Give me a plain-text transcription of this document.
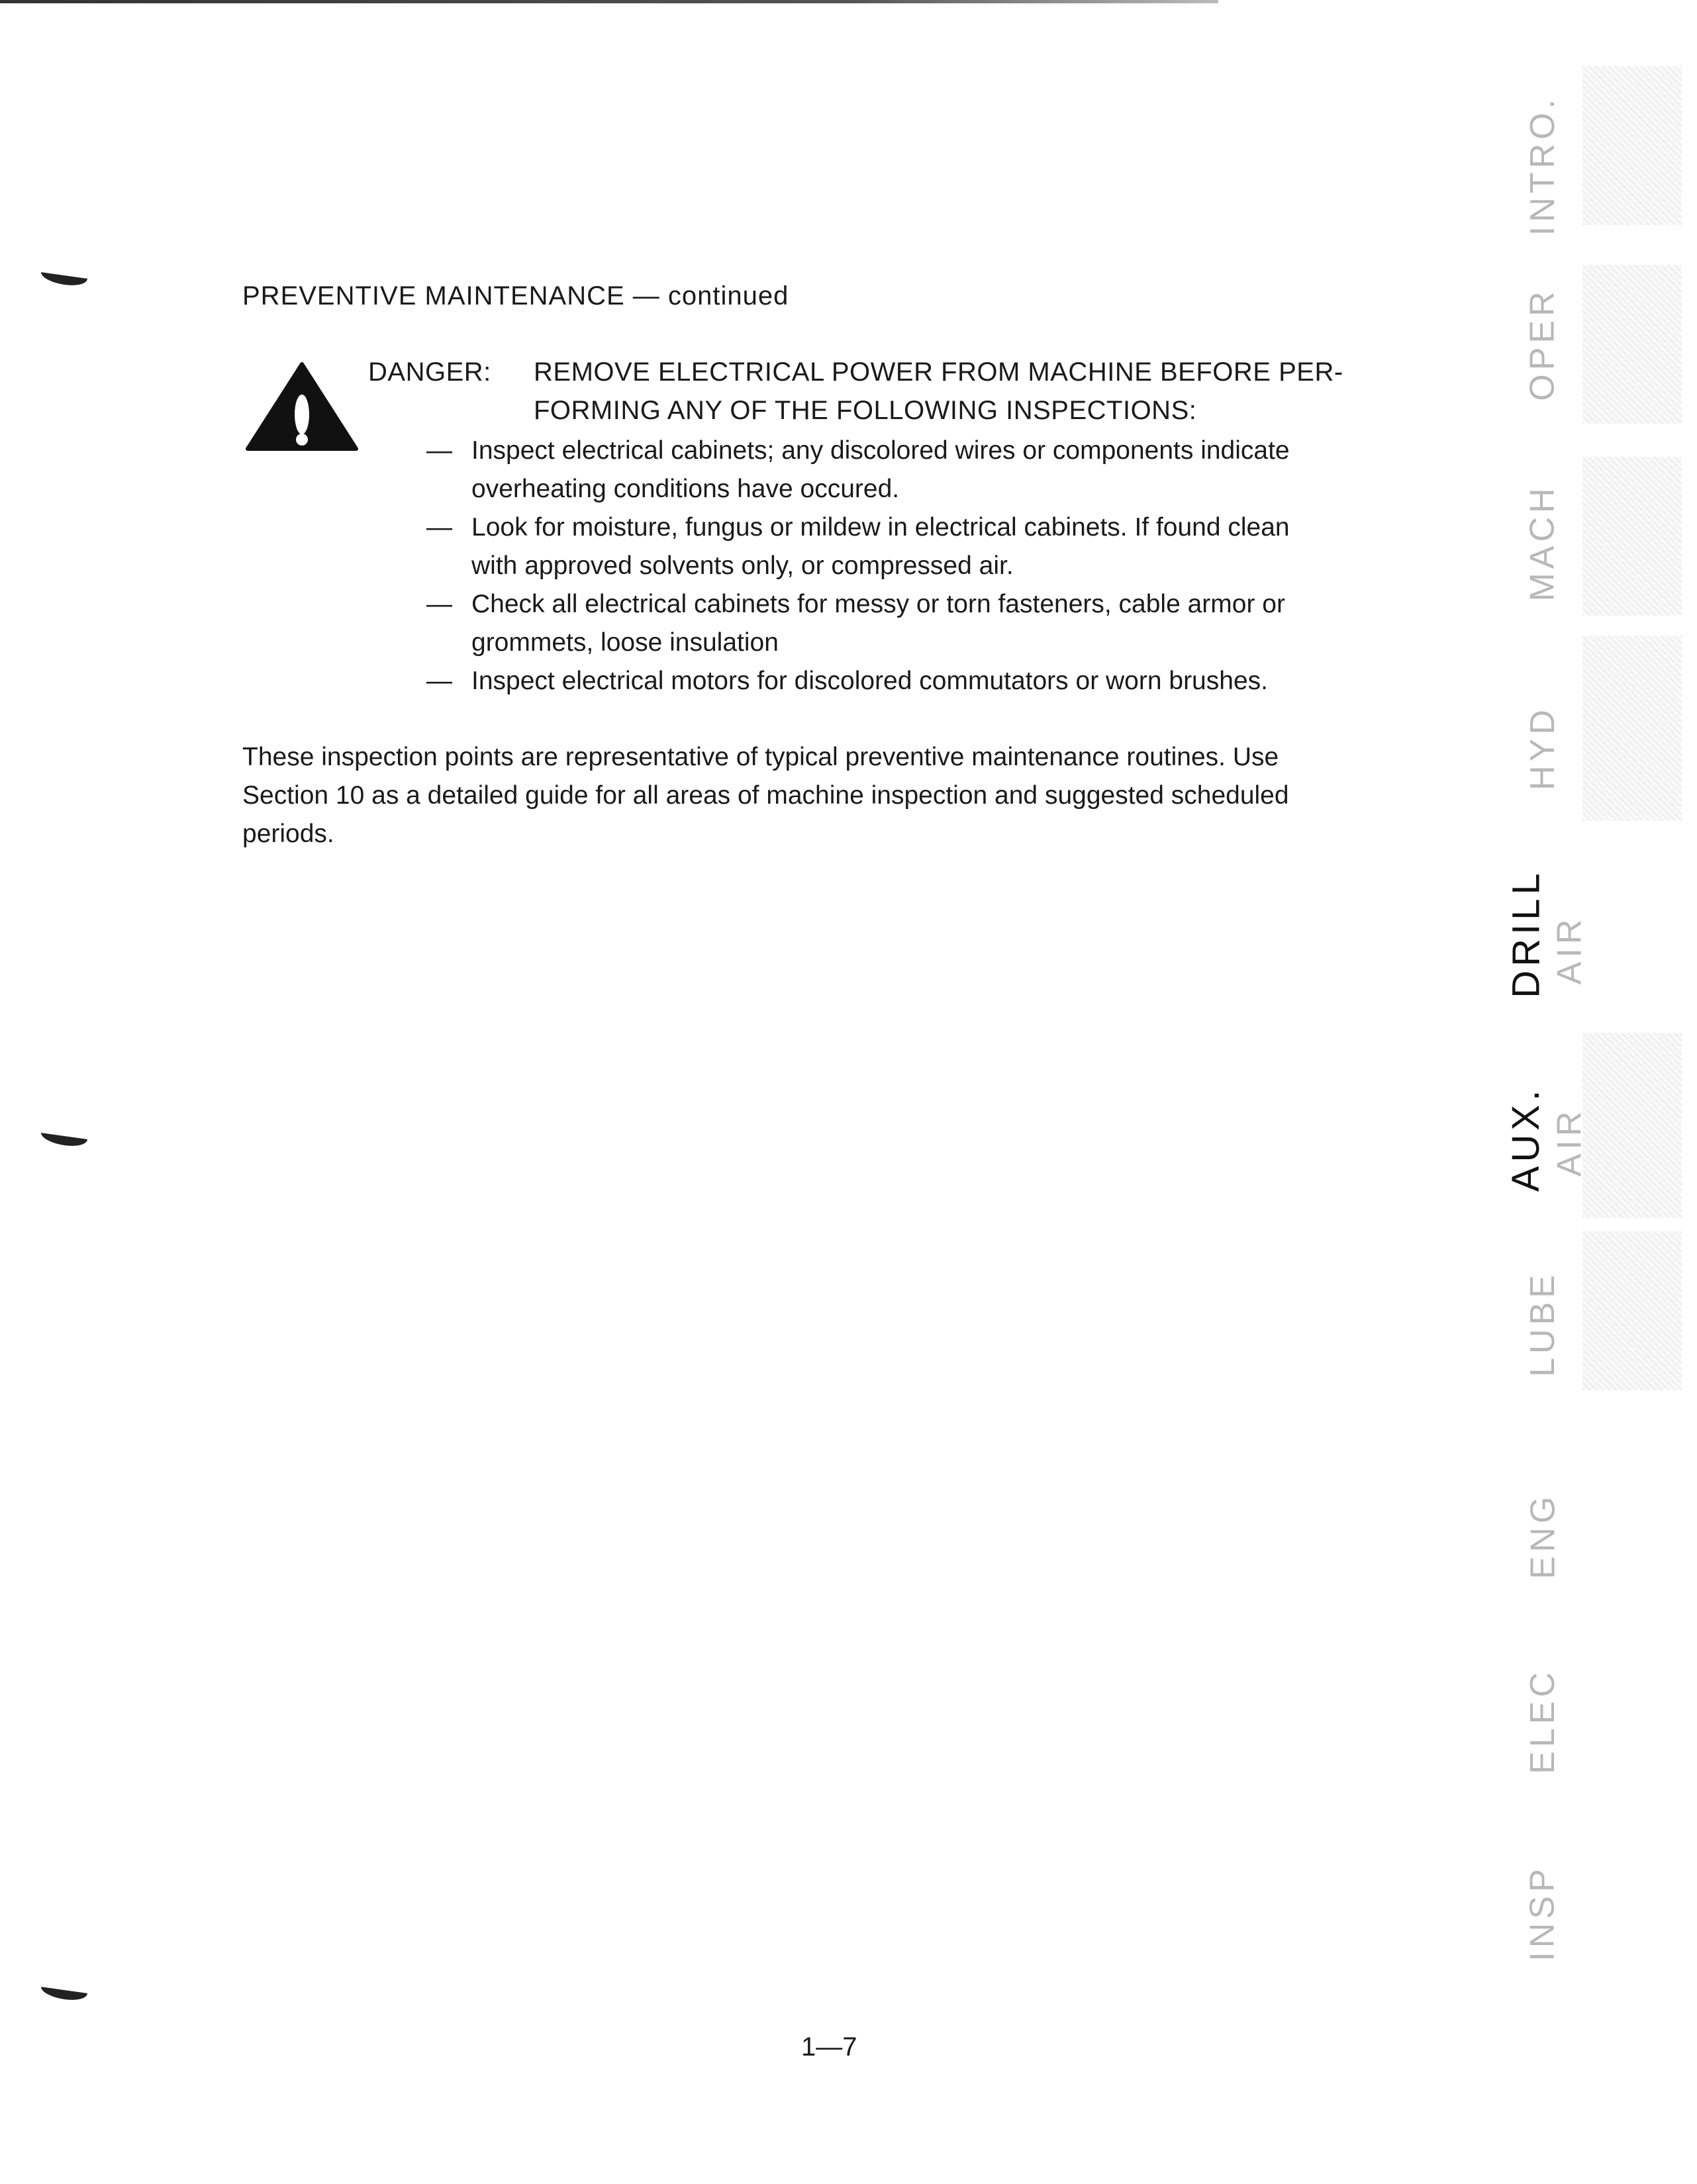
PREVENTIVE MAINTENANCE — continued
DANGER: REMOVE ELECTRICAL POWER FROM MACHINE BEFORE PER-
FORMING ANY OF THE FOLLOWING INSPECTIONS:
— Inspect electrical cabinets; any discolored wires or components indicate
overheating conditions have occured.
— Look for moisture, fungus or mildew in electrical cabinets. If found clean
with approved solvents only, or compressed air.
— Check all electrical cabinets for messy or torn fasteners, cable armor or
grommets, loose insulation
— Inspect electrical motors for discolored commutators or worn brushes.
These inspection points are representative of typical preventive maintenance routines. Use
Section 10 as a detailed guide for all areas of machine inspection and suggested scheduled
periods.
1—7
INTRO.
OPER
MACH
HYD
DRILL AIR
AUX. AIR
LUBE
ENG
ELEC
INSP
